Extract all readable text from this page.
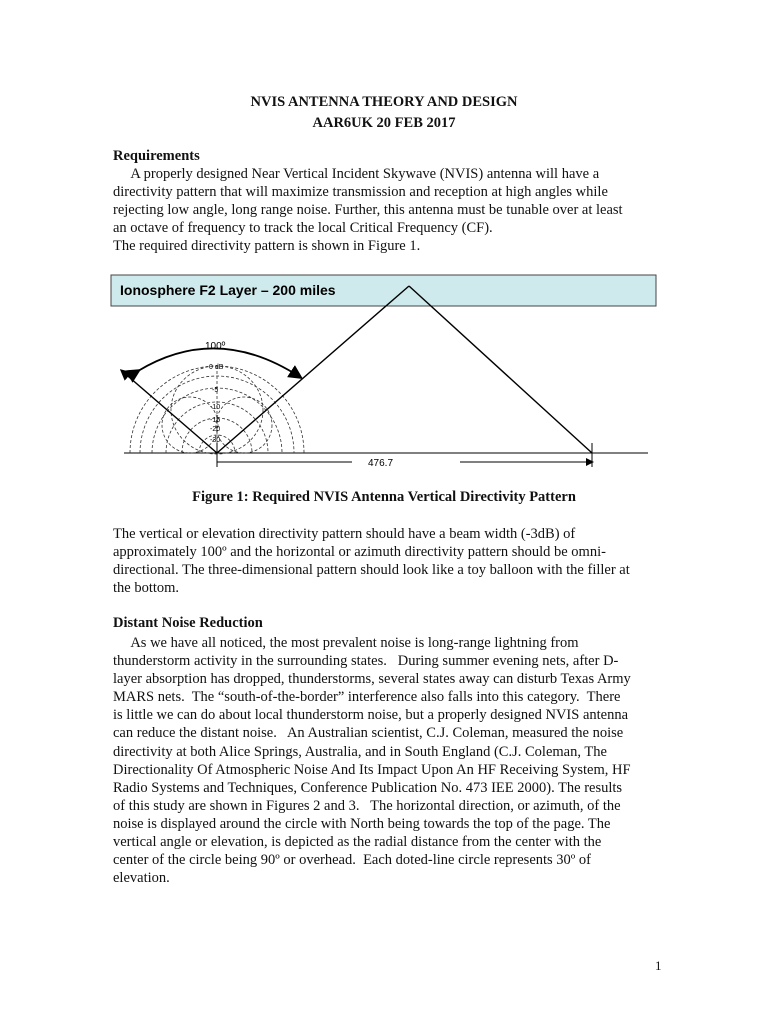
NVIS ANTENNA THEORY AND DESIGN
AAR6UK 20 FEB 2017
Requirements
A properly designed Near Vertical Incident Skywave (NVIS) antenna will have a
directivity pattern that will maximize transmission and reception at high angles while
rejecting low angle, long range noise. Further, this antenna must be tunable over at least
an octave of frequency to track the local Critical Frequency (CF).
The required directivity pattern is shown in Figure 1.
Ionosphere F2 Layer – 200 miles
0 dB
-5
-10
-15
-20
-30
100º
476.7
Figure 1: Required NVIS Antenna Vertical Directivity Pattern
The vertical or elevation directivity pattern should have a beam width (-3dB) of
approximately 100º and the horizontal or azimuth directivity pattern should be omni-
directional. The three-dimensional pattern should look like a toy balloon with the filler at
the bottom.
Distant Noise Reduction
As we have all noticed, the most prevalent noise is long-range lightning from
thunderstorm activity in the surrounding states.   During summer evening nets, after D-
layer absorption has dropped, thunderstorms, several states away can disturb Texas Army
MARS nets.  The “south-of-the-border” interference also falls into this category.  There
is little we can do about local thunderstorm noise, but a properly designed NVIS antenna
can reduce the distant noise.   An Australian scientist, C.J. Coleman, measured the noise
directivity at both Alice Springs, Australia, and in South England (C.J. Coleman, The
Directionality Of Atmospheric Noise And Its Impact Upon An HF Receiving System, HF
Radio Systems and Techniques, Conference Publication No. 473 IEE 2000). The results
of this study are shown in Figures 2 and 3.   The horizontal direction, or azimuth, of the
noise is displayed around the circle with North being towards the top of the page. The
vertical angle or elevation, is depicted as the radial distance from the center with the
center of the circle being 90º or overhead.  Each doted-line circle represents 30º of
elevation.
1
